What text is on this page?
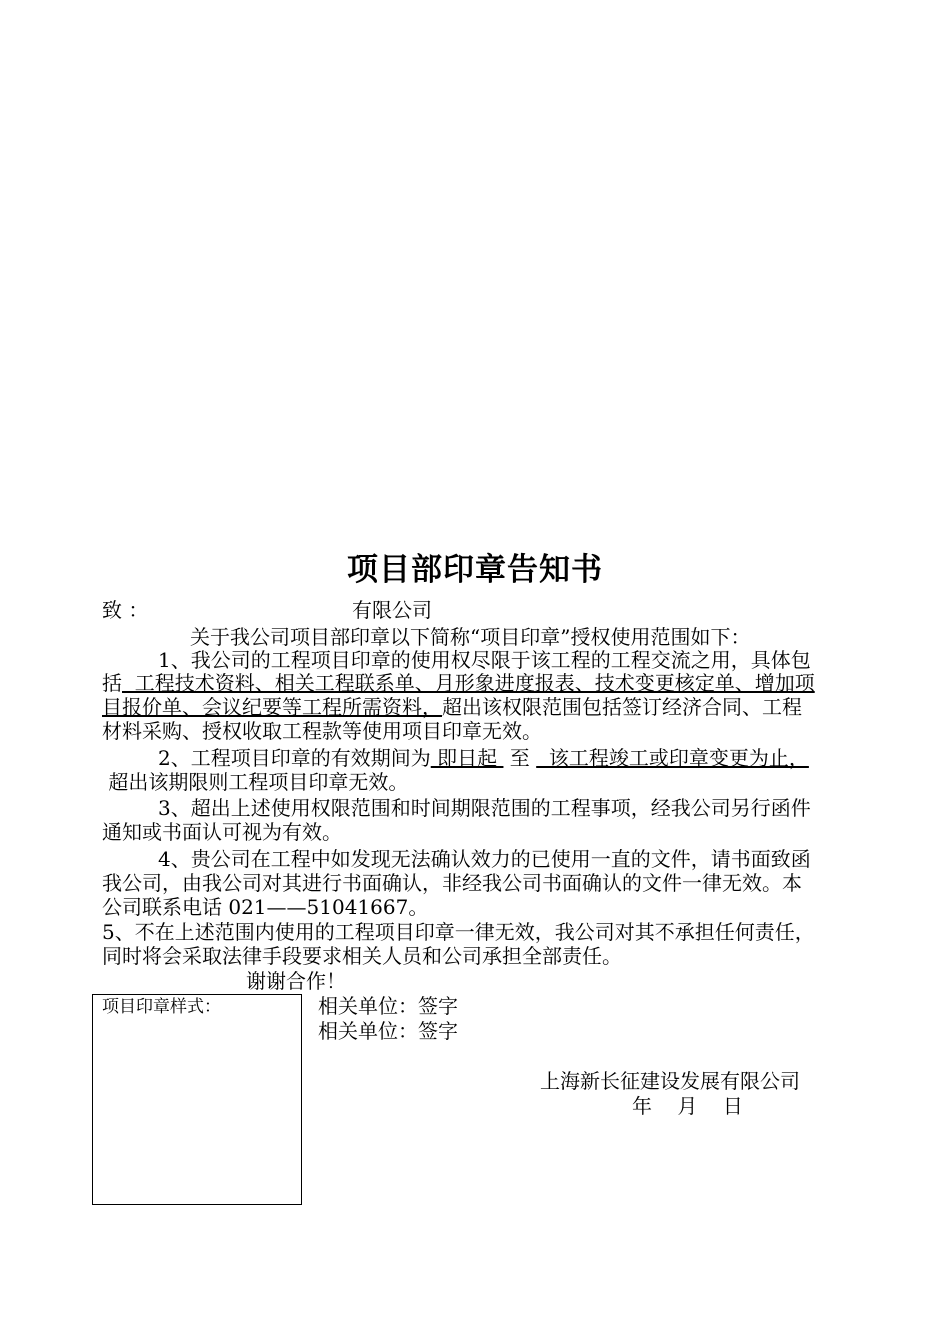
项目部印章告知书
致 ：	有限公司
关于我公司项目部印章以下简称“项目印章”授权使用范围如下：
1、我公司的工程项目印章的使用权尽限于该工程的工程交流之用，具体包
括  工程技术资料、相关工程联系单、月形象进度报表、技术变更核定单、增加项
目报价单、会议纪要等工程所需资料，超出该权限范围包括签订经济合同、工程
材料采购、授权收取工程款等使用项目印章无效。
2、工程项目印章的有效期间为 即日起  至   该工程竣工或印章变更为止，
超出该期限则工程项目印章无效。
3、超出上述使用权限范围和时间期限范围的工程事项，经我公司另行函件
通知或书面认可视为有效。
4、贵公司在工程中如发现无法确认效力的已使用一直的文件，请书面致函
我公司，由我公司对其进行书面确认，非经我公司书面确认的文件一律无效。本
公司联系电话 021——51041667。
5、不在上述范围内使用的工程项目印章一律无效，我公司对其不承担任何责任，
同时将会采取法律手段要求相关人员和公司承担全部责任。
谢谢合作！
项目印章样式：	相关单位：签字
相关单位：签字
上海新长征建设发展有限公司
年    月    日
